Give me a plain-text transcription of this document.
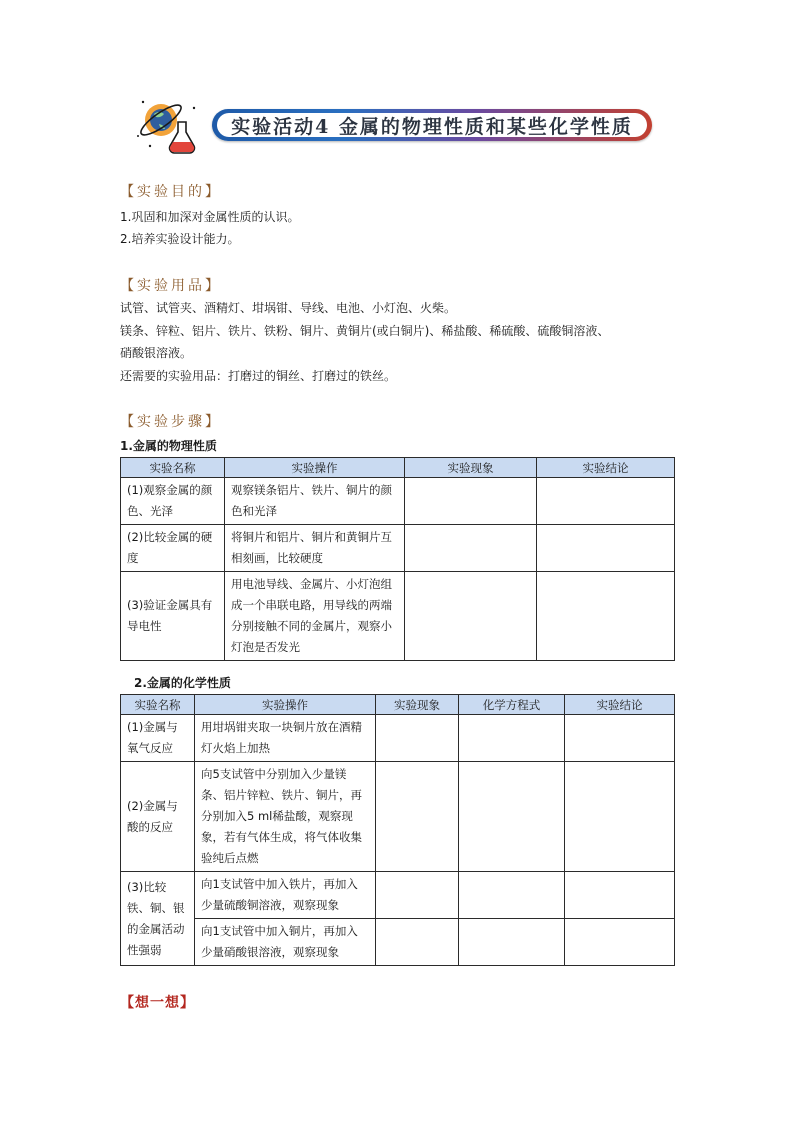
实验活动4 金属的物理性质和某些化学性质
【实验目的】
1.巩固和加深对金属性质的认识。
2.培养实验设计能力。
【实验用品】
试管、试管夹、酒精灯、坩埚钳、导线、电池、小灯泡、火柴。
镁条、锌粒、铝片、铁片、铁粉、铜片、黄铜片(或白铜片)、稀盐酸、稀硫酸、硫酸铜溶液、
硝酸银溶液。
还需要的实验用品：打磨过的铜丝、打磨过的铁丝。
【实验步骤】
1.金属的物理性质
实验名称	实验操作	实验现象	实验结论
(1)观察金属的颜色、光泽	观察镁条铝片、铁片、铜片的颜色和光泽		
(2)比较金属的硬度	将铜片和铝片、铜片和黄铜片互相刻画，比较硬度		
(3)验证金属具有导电性	用电池导线、金属片、小灯泡组成一个串联电路，用导线的两端分别接触不同的金属片，观察小灯泡是否发光		
2.金属的化学性质
实验名称	实验操作	实验现象	化学方程式	实验结论
(1)金属与氧气反应	用坩埚钳夹取一块铜片放在酒精灯火焰上加热			
(2)金属与酸的反应	向5支试管中分别加入少量镁条、铝片锌粒、铁片、铜片，再分别加入5 ml稀盐酸，观察现象，若有气体生成，将气体收集验纯后点燃			
(3)比较铁、铜、银的金属活动性强弱	向1支试管中加入铁片，再加入少量硫酸铜溶液，观察现象			
	向1支试管中加入铜片，再加入少量硝酸银溶液，观察现象			
【想一想】
